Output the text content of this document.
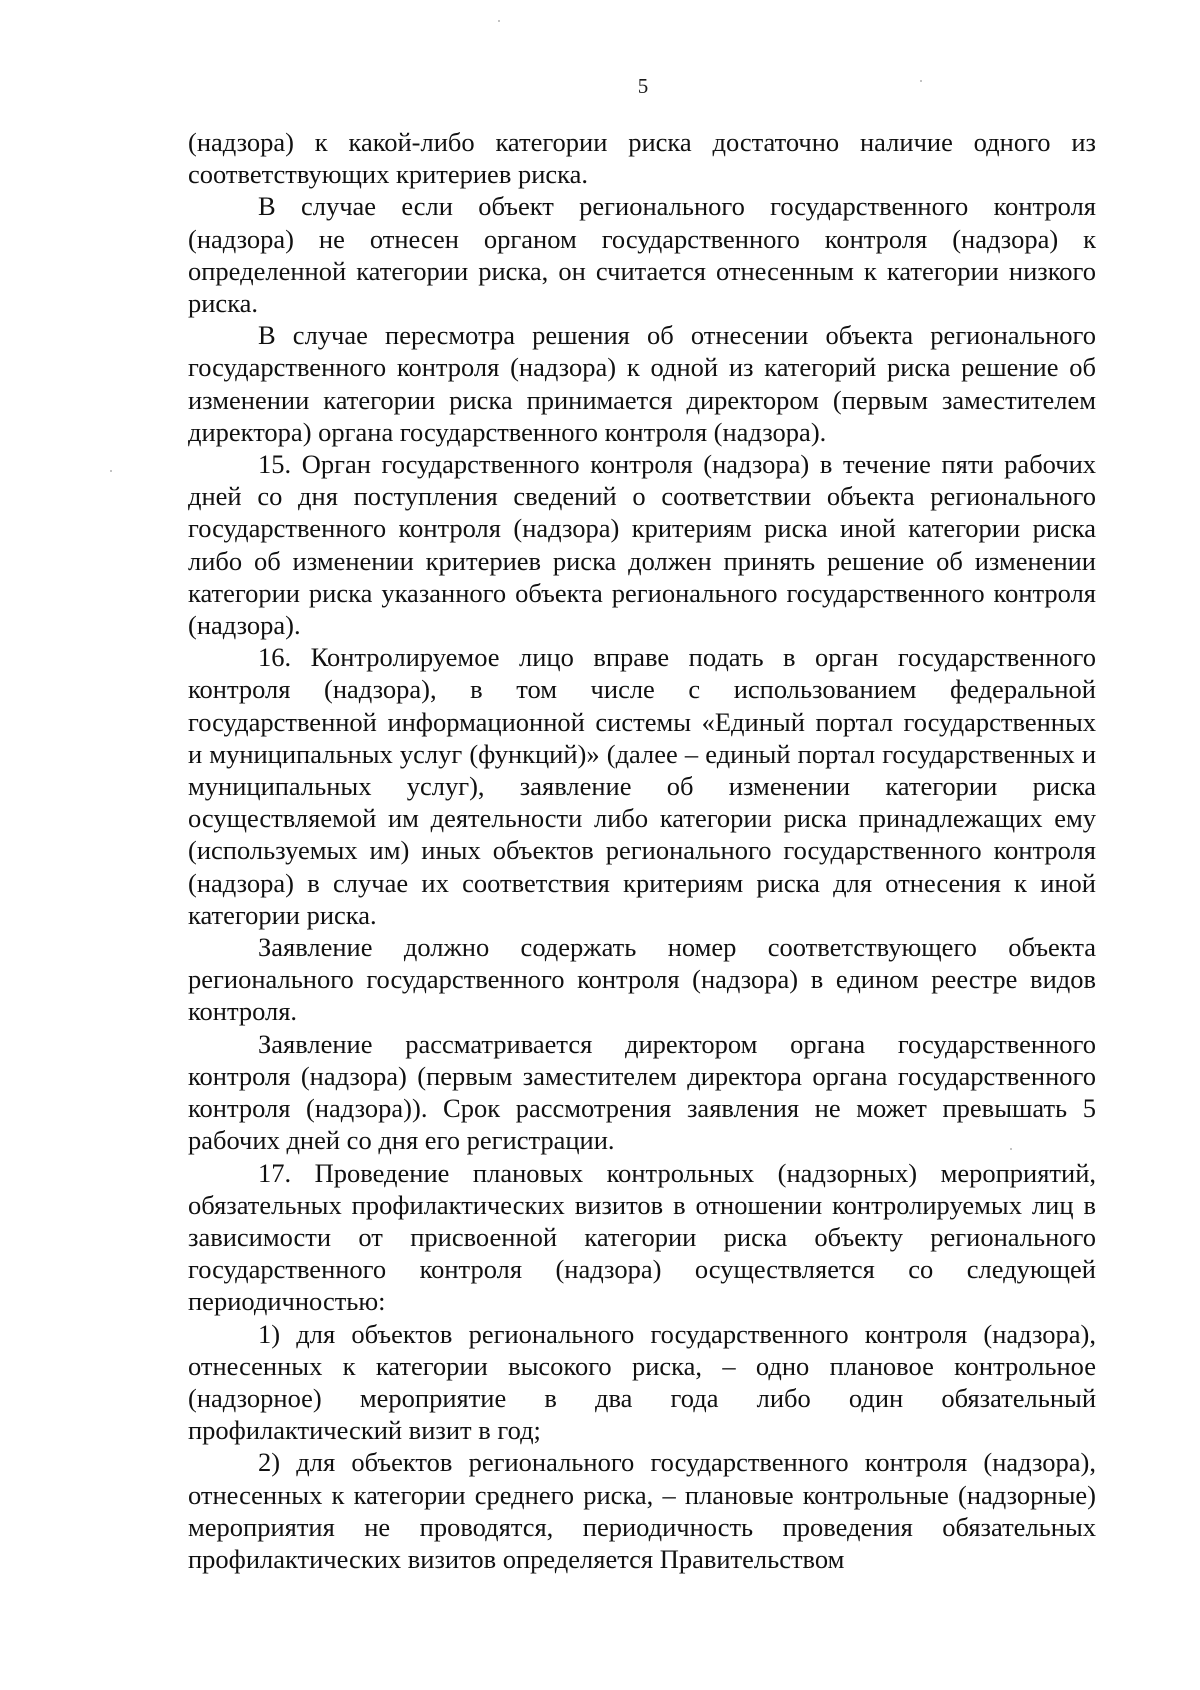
5

(надзора) к какой-либо категории риска достаточно наличие одного из соответствующих критериев риска.

В случае если объект регионального государственного контроля (надзора) не отнесен органом государственного контроля (надзора) к определенной категории риска, он считается отнесенным к категории низкого риска.

В случае пересмотра решения об отнесении объекта регионального государственного контроля (надзора) к одной из категорий риска решение об изменении категории риска принимается директором (первым заместителем директора) органа государственного контроля (надзора).

15. Орган государственного контроля (надзора) в течение пяти рабочих дней со дня поступления сведений о соответствии объекта регионального государственного контроля (надзора) критериям риска иной категории риска либо об изменении критериев риска должен принять решение об изменении категории риска указанного объекта регионального государственного контроля (надзора).

16. Контролируемое лицо вправе подать в орган государственного контроля (надзора), в том числе с использованием федеральной государственной информационной системы «Единый портал государственных и муниципальных услуг (функций)» (далее – единый портал государственных и муниципальных услуг), заявление об изменении категории риска осуществляемой им деятельности либо категории риска принадлежащих ему (используемых им) иных объектов регионального государственного контроля (надзора) в случае их соответствия критериям риска для отнесения к иной категории риска.

Заявление должно содержать номер соответствующего объекта регионального государственного контроля (надзора) в едином реестре видов контроля.

Заявление рассматривается директором органа государственного контроля (надзора) (первым заместителем директора органа государственного контроля (надзора)). Срок рассмотрения заявления не может превышать 5 рабочих дней со дня его регистрации.

17. Проведение плановых контрольных (надзорных) мероприятий, обязательных профилактических визитов в отношении контролируемых лиц в зависимости от присвоенной категории риска объекту регионального государственного контроля (надзора) осуществляется со следующей периодичностью:

1) для объектов регионального государственного контроля (надзора), отнесенных к категории высокого риска, – одно плановое контрольное (надзорное) мероприятие в два года либо один обязательный профилактический визит в год;

2) для объектов регионального государственного контроля (надзора), отнесенных к категории среднего риска, – плановые контрольные (надзорные) мероприятия не проводятся, периодичность проведения обязательных профилактических визитов определяется Правительством
